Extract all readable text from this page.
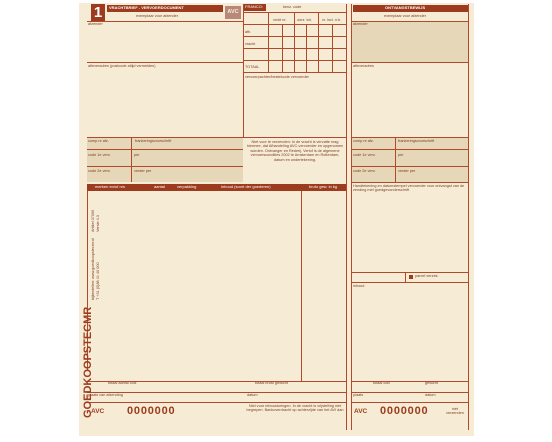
1	VRACHTBRIEF - VERVOERDOCUMENT
exemplaar voor afzender
AVC
FRANCO:	kenz. code
vrcht nr.	oorz. tot.	vr. incl. n.b.
afh.
vracht
TOTAAL
vervoerpachter/bestelcode vervoerder
afzender
afleveradres (postcode altijd vermelden)
comp.nr afz.	frankeringsvoorschrift
code 1e verv.	per
code 2e verv.	verder per
Niet voor te verzenden: In de vracht is vervatte mag hiermee, dat Afhandeling AVC-vervoerder en opgenomen worden. Ontvanger en Rederij. Verlof is de algemene vervoerscondities 2002 te Amsterdam en Rotterdam, datum en ondertekening.
merken en/of nrs	aantal	verpakking	inhoud (soort der goederen)	bruto gew. in kg
totaal aantal colli	totaal bruto gewicht
plaats van afzending	datum
AVC 0000000	Niet voor rebousturingen. In de vracht is vrijstelling niet begrepen. Bankoverdracht op achterzijde van het AVI dan
ONTVANGSTBEWIJS
exemplaar voor afzender
afzender
afleveradres
comp.nr afz.	frankeringsvoorschrift
code 1e verv.	per
code 2e verv.	verder per
Handtekening en datumstempel vervoerder voor ontvangst van de zending met goedgevonderschrift
parcel verzek.
inhoud
totaal colli	gewicht
plaats	datum
AVC 0000000	niet verzenden
GOEDKOOPSTECMR
bijbestellen: www.goedkoopstecmr.nl T +31 (0)88 41 40 000
Artikel 37000 Versie 4.3
